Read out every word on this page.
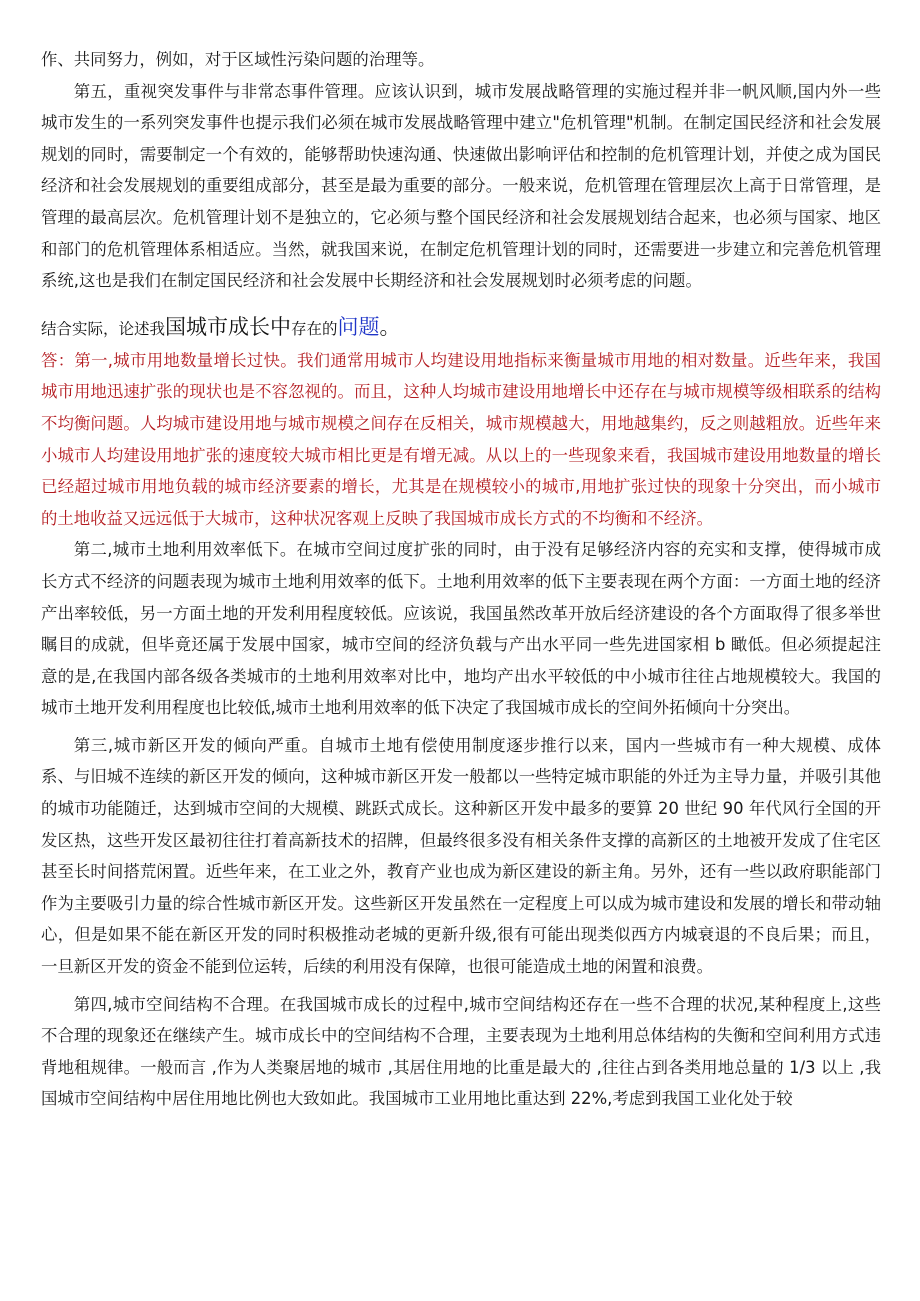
作、共同努力，例如，对于区域性污染问题的治理等。

第五，重视突发事件与非常态事件管理。应该认识到，城市发展战略管理的实施过程并非一帆风顺,国内外一些城市发生的一系列突发事件也提示我们必须在城市发展战略管理中建立"危机管理"机制。在制定国民经济和社会发展规划的同时，需要制定一个有效的，能够帮助快速沟通、快速做出影响评估和控制的危机管理计划，并使之成为国民经济和社会发展规划的重要组成部分，甚至是最为重要的部分。一般来说，危机管理在管理层次上高于日常管理，是管理的最高层次。危机管理计划不是独立的，它必须与整个国民经济和社会发展规划结合起来，也必须与国家、地区和部门的危机管理体系相适应。当然，就我国来说，在制定危机管理计划的同时，还需要进一步建立和完善危机管理系统,这也是我们在制定国民经济和社会发展中长期经济和社会发展规划时必须考虑的问题。

结合实际，论述我国城市成长中存在的问题。

答：第一,城市用地数量增长过快。我们通常用城市人均建设用地指标来衡量城市用地的相对数量。近些年来，我国城市用地迅速扩张的现状也是不容忽视的。而且，这种人均城市建设用地增长中还存在与城市规模等级相联系的结构不均衡问题。人均城市建设用地与城市规模之间存在反相关，城市规模越大，用地越集约，反之则越粗放。近些年来小城市人均建设用地扩张的速度较大城市相比更是有增无减。从以上的一些现象来看，我国城市建设用地数量的增长已经超过城市用地负载的城市经济要素的增长，尤其是在规模较小的城市,用地扩张过快的现象十分突出，而小城市的土地收益又远远低于大城市，这种状况客观上反映了我国城市成长方式的不均衡和不经济。

第二,城市土地利用效率低下。在城市空间过度扩张的同时，由于没有足够经济内容的充实和支撑，使得城市成长方式不经济的问题表现为城市土地利用效率的低下。土地利用效率的低下主要表现在两个方面：一方面土地的经济产出率较低，另一方面土地的开发利用程度较低。应该说，我国虽然改革开放后经济建设的各个方面取得了很多举世瞩目的成就，但毕竟还属于发展中国家，城市空间的经济负载与产出水平同一些先进国家相 b 瞰低。但必须提起注意的是,在我国内部各级各类城市的土地利用效率对比中，地均产出水平较低的中小城市往往占地规模较大。我国的城市土地开发利用程度也比较低,城市土地利用效率的低下决定了我国城市成长的空间外拓倾向十分突出。

第三,城市新区开发的倾向严重。自城市土地有偿使用制度逐步推行以来，国内一些城市有一种大规模、成体系、与旧城不连续的新区开发的倾向，这种城市新区开发一般都以一些特定城市职能的外迁为主导力量，并吸引其他的城市功能随迁，达到城市空间的大规模、跳跃式成长。这种新区开发中最多的要算 20 世纪 90 年代风行全国的开发区热，这些开发区最初往往打着高新技术的招牌，但最终很多没有相关条件支撑的高新区的土地被开发成了住宅区甚至长时间搭荒闲置。近些年来，在工业之外，教育产业也成为新区建设的新主角。另外，还有一些以政府职能部门作为主要吸引力量的综合性城市新区开发。这些新区开发虽然在一定程度上可以成为城市建设和发展的增长和带动轴心，但是如果不能在新区开发的同时积极推动老城的更新升级,很有可能出现类似西方内城衰退的不良后果；而且，一旦新区开发的资金不能到位运转，后续的利用没有保障，也很可能造成土地的闲置和浪费。

第四,城市空间结构不合理。在我国城市成长的过程中,城市空间结构还存在一些不合理的状况,某种程度上,这些不合理的现象还在继续产生。城市成长中的空间结构不合理，主要表现为土地利用总体结构的失衡和空间利用方式违背地租规律。一般而言 ,作为人类聚居地的城市 ,其居住用地的比重是最大的 ,往往占到各类用地总量的 1/3 以上 ,我国城市空间结构中居住用地比例也大致如此。我国城市工业用地比重达到 22%,考虑到我国工业化处于较
